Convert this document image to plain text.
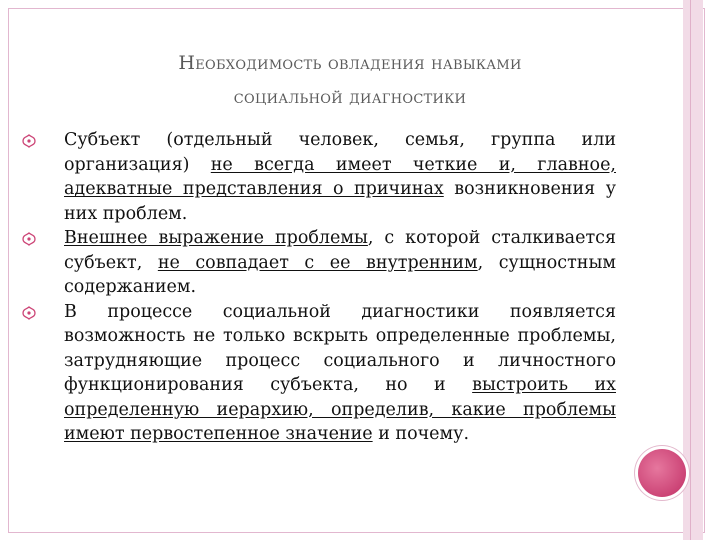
Необходимость овладения навыками
социальной диагностики
Субъект (отдельный человек, семья, группа или организация) не всегда имеет четкие и, главное, адекватные представления о причинах возникновения у них проблем.
Внешнее выражение проблемы, с которой сталкивается субъект, не совпадает с ее внутренним, сущностным содержанием.
В процессе социальной диагностики появляется возможность не только вскрыть определенные проблемы, затрудняющие процесс социального и личностного функционирования субъекта, но и выстроить их определенную иерархию, определив, какие проблемы имеют первостепенное значение и почему.
